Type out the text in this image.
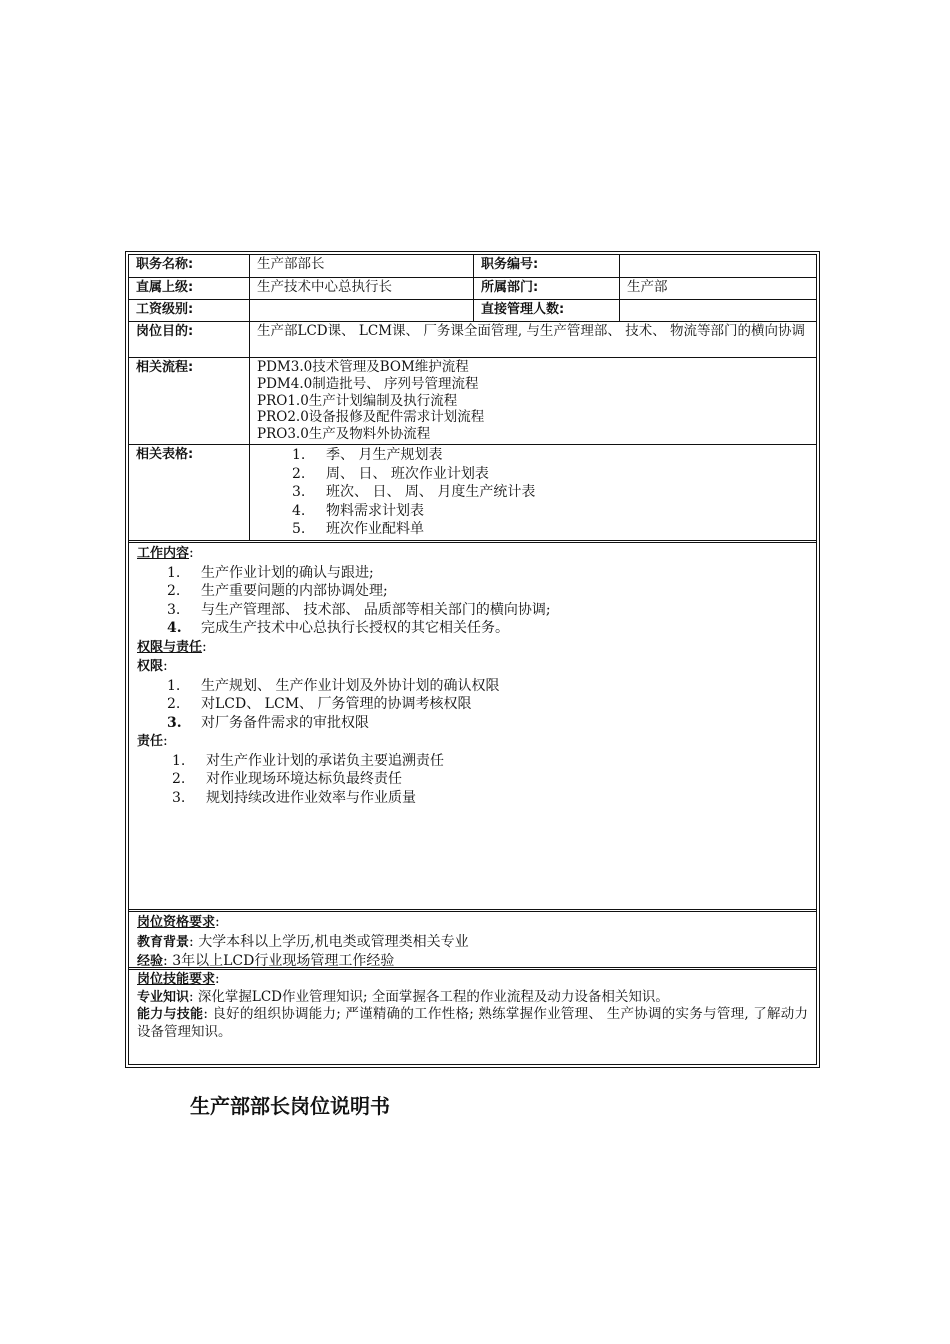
职务名称:	生产部部长	职务编号:
直属上级:	生产技术中心总执行长	所属部门:	生产部
工资级别:	直接管理人数:
岗位目的:	生产部LCD课、 LCM课、 厂务课全面管理, 与生产管理部、 技术、 物流等部门的横向协调
相关流程:	PDM3.0技术管理及BOM维护流程
PDM4.0制造批号、 序列号管理流程
PRO1.0生产计划编制及执行流程
PRO2.0设备报修及配件需求计划流程
PRO3.0生产及物料外协流程
相关表格:	1. 季、 月生产规划表
2. 周、 日、 班次作业计划表
3. 班次、 日、 周、 月度生产统计表
4. 物料需求计划表
5. 班次作业配料单
工作内容:
1. 生产作业计划的确认与跟进;
2. 生产重要问题的内部协调处理;
3. 与生产管理部、 技术部、 品质部等相关部门的横向协调;
4. 完成生产技术中心总执行长授权的其它相关任务。
权限与责任:
权限:
1. 生产规划、 生产作业计划及外协计划的确认权限
2. 对LCD、 LCM、 厂务管理的协调考核权限
3. 对厂务备件需求的审批权限
责任:
1. 对生产作业计划的承诺负主要追溯责任
2. 对作业现场环境达标负最终责任
3. 规划持续改进作业效率与作业质量
岗位资格要求:
教育背景: 大学本科以上学历,机电类或管理类相关专业
经验: 3年以上LCD行业现场管理工作经验
岗位技能要求:
专业知识: 深化掌握LCD作业管理知识; 全面掌握各工程的作业流程及动力设备相关知识。
能力与技能: 良好的组织协调能力; 严谨精确的工作性格; 熟练掌握作业管理、 生产协调的实务与管理, 了解动力设备管理知识。
生产部部长岗位说明书
